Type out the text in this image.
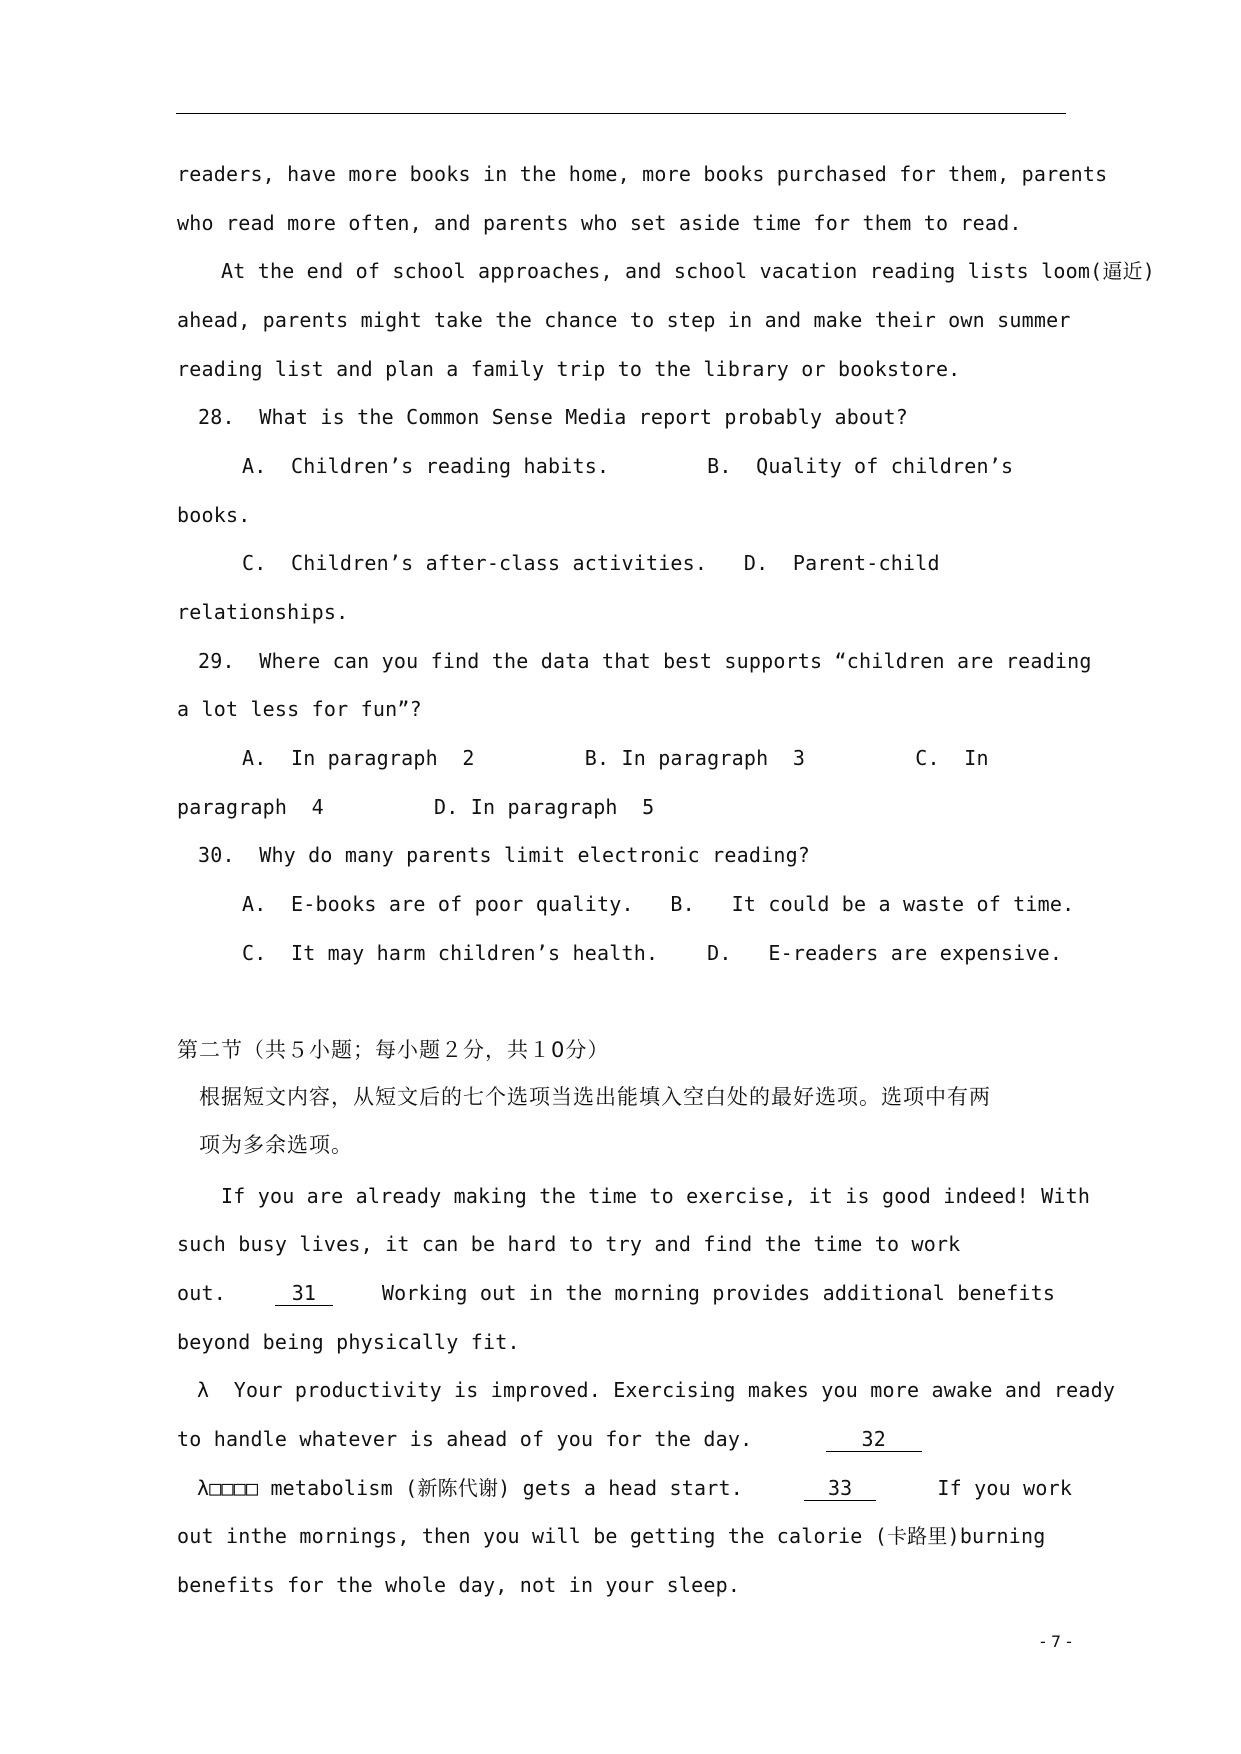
readers, have more books in the home, more books purchased for them, parents
who read more often, and parents who set aside time for them to read.
At the end of school approaches, and school vacation reading lists loom(逼近)
ahead, parents might take the chance to step in and make their own summer
reading list and plan a family trip to the library or bookstore.
28.  What is the Common Sense Media report probably about?
A.  Children’s reading habits.        B.  Quality of children’s
books.
C.  Children’s after-class activities.   D.  Parent-child
relationships.
29.  Where can you find the data that best supports “children are reading
a lot less for fun”?
A.  In paragraph  2         B. In paragraph  3         C.  In
paragraph  4         D. In paragraph  5
30.  Why do many parents limit electronic reading?
A.  E-books are of poor quality.   B.   It could be a waste of time.
C.  It may harm children’s health.    D.   E-readers are expensive.
第二节（共５小题；每小题２分，共１0分）
根据短文内容，从短文后的七个选项当选出能填入空白处的最好选项。选项中有两
项为多余选项。
If you are already making the time to exercise, it is good indeed! With
such busy lives, it can be hard to try and find the time to work
out.	31	Working out in the morning provides additional benefits
beyond being physically fit.
λ  Your productivity is improved. Exercising makes you more awake and ready
to handle whatever is ahead of you for the day.	32
λ□□□□ metabolism (新陈代谢) gets a head start.	33	If you work
out inthe mornings, then you will be getting the calorie (卡路里)burning
benefits for the whole day, not in your sleep.
- 7 -
